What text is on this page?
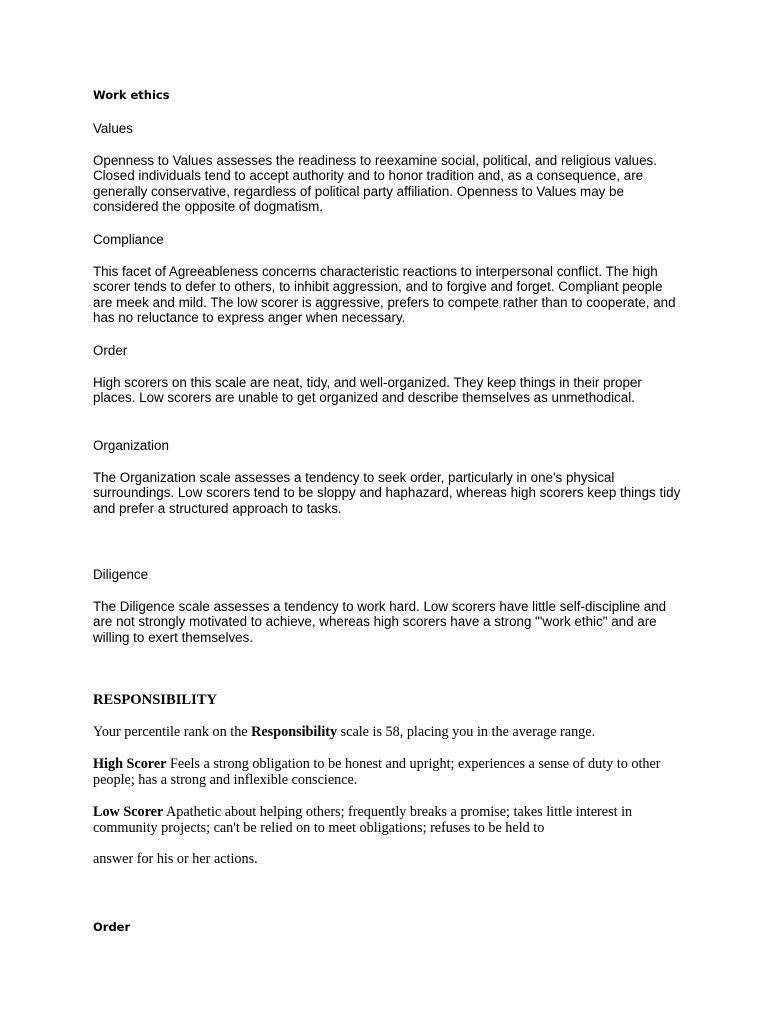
Work ethics

Values

Openness to Values assesses the readiness to reexamine social, political, and religious values. Closed individuals tend to accept authority and to honor tradition and, as a consequence, are generally conservative, regardless of political party affiliation. Openness to Values may be considered the opposite of dogmatism.

Compliance

This facet of Agreeableness concerns characteristic reactions to interpersonal conflict. The high scorer tends to defer to others, to inhibit aggression, and to forgive and forget. Compliant people are meek and mild. The low scorer is aggressive, prefers to compete rather than to cooperate, and has no reluctance to express anger when necessary.

Order

High scorers on this scale are neat, tidy, and well-organized. They keep things in their proper places. Low scorers are unable to get organized and describe themselves as unmethodical.

Organization

The Organization scale assesses a tendency to seek order, particularly in one's physical surroundings. Low scorers tend to be sloppy and haphazard, whereas high scorers keep things tidy and prefer a structured approach to tasks.

Diligence

The Diligence scale assesses a tendency to work hard. Low scorers have little self-discipline and are not strongly motivated to achieve, whereas high scorers have a strong "'work ethic" and are willing to exert themselves.

RESPONSIBILITY

Your percentile rank on the Responsibility scale is 58, placing you in the average range.

High Scorer Feels a strong obligation to be honest and upright; experiences a sense of duty to other people; has a strong and inflexible conscience.

Low Scorer Apathetic about helping others; frequently breaks a promise; takes little interest in community projects; can't be relied on to meet obligations; refuses to be held to

answer for his or her actions.

Order
